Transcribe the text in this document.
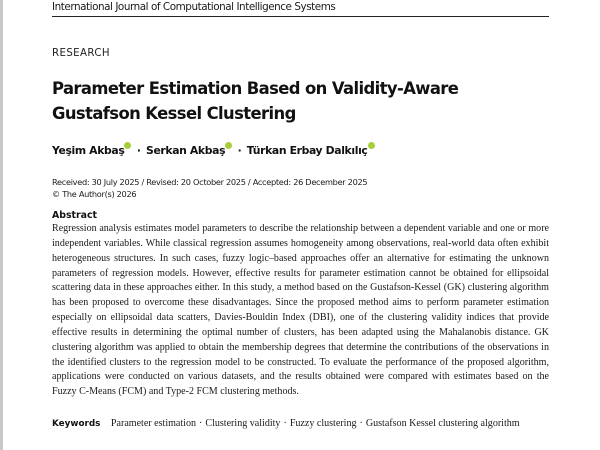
International Journal of Computational Intelligence Systems
RESEARCH
Parameter Estimation Based on Validity-Aware
Gustafson Kessel Clustering
Yeşim Akbaş · Serkan Akbaş · Türkan Erbay Dalkılıç
Received: 30 July 2025 / Revised: 20 October 2025 / Accepted: 26 December 2025
© The Author(s) 2026
Abstract
Regression analysis estimates model parameters to describe the relationship between a dependent variable and one or more independent variables. While classical regression assumes homogeneity among observations, real-world data often exhibit heterogeneous structures. In such cases, fuzzy logic–based approaches offer an alternative for estimating the unknown parameters of regression models. However, effective results for parameter estimation cannot be obtained for ellipsoidal scattering data in these approaches either. In this study, a method based on the Gustafson-Kessel (GK) clustering algorithm has been proposed to overcome these disadvantages. Since the proposed method aims to perform parameter estimation especially on ellipsoidal data scatters, Davies-Bouldin Index (DBI), one of the clustering validity indices that provide effective results in determining the optimal number of clusters, has been adapted using the Mahalanobis distance. GK clustering algorithm was applied to obtain the membership degrees that determine the contributions of the observations in the identified clusters to the regression model to be constructed. To evaluate the performance of the proposed algorithm, applications were conducted on various datasets, and the results obtained were compared with estimates based on the Fuzzy C-Means (FCM) and Type-2 FCM clustering methods.
Keywords Parameter estimation · Clustering validity · Fuzzy clustering · Gustafson Kessel clustering algorithm
